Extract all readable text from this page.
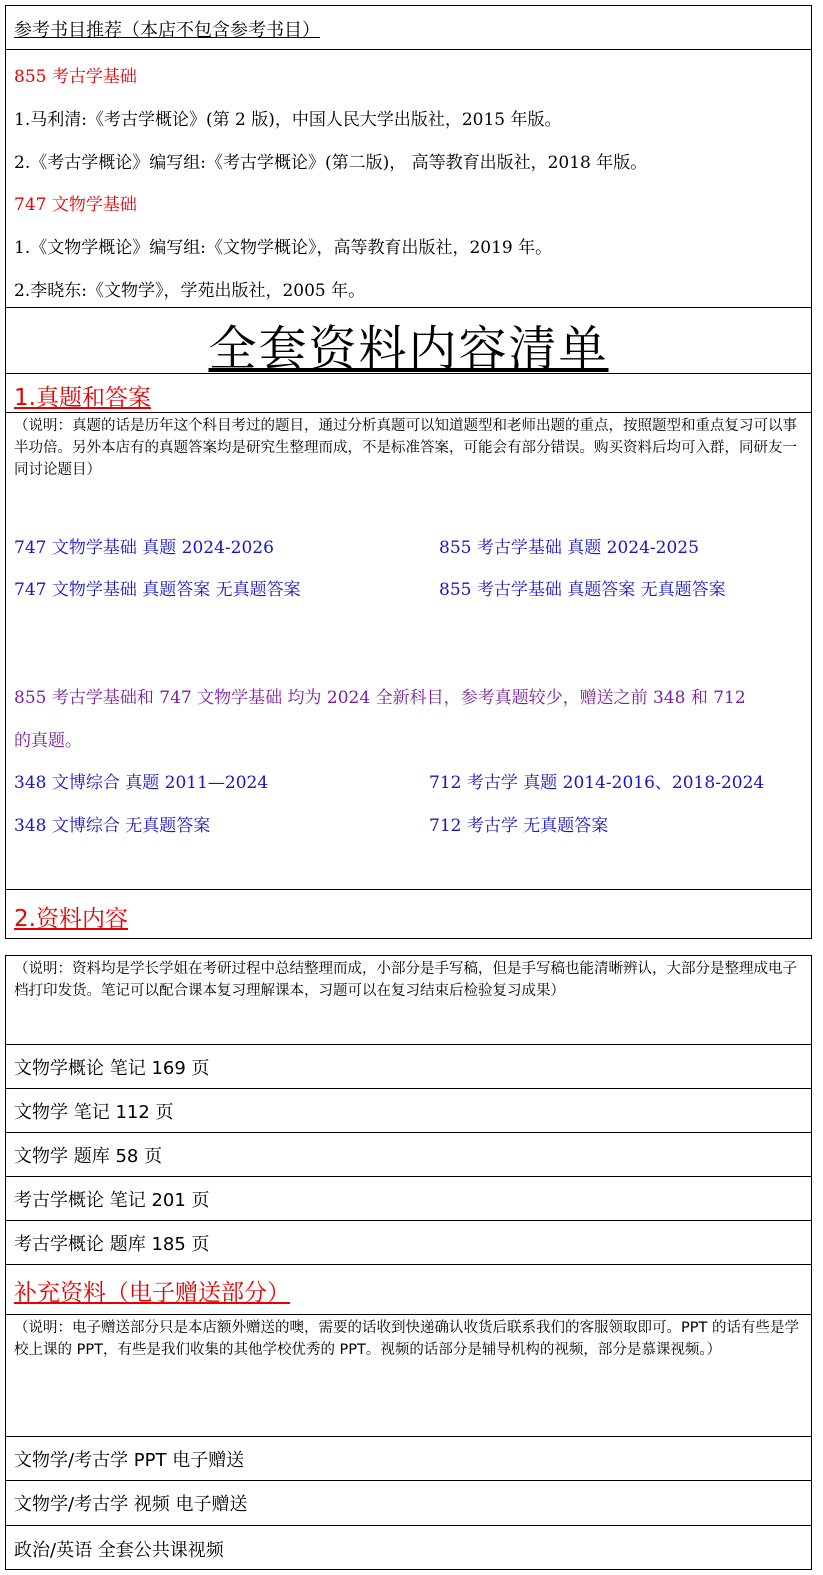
参考书目推荐（本店不包含参考书目）
855 考古学基础
1.马利清:《考古学概论》(第 2 版)，中国人民大学出版社，2015 年版。
2.《考古学概论》编写组:《考古学概论》(第二版)， 高等教育出版社，2018 年版。
747 文物学基础
1.《文物学概论》编写组:《文物学概论》，高等教育出版社，2019 年。
2.李晓东:《文物学》，学苑出版社，2005 年。
全套资料内容清单
1.真题和答案
（说明：真题的话是历年这个科目考过的题目，通过分析真题可以知道题型和老师出题的重点，按照题型和重点复习可以事半功倍。另外本店有的真题答案均是研究生整理而成，不是标准答案，可能会有部分错误。购买资料后均可入群，同研友一同讨论题目）
747 文物学基础 真题 2024-2026	855 考古学基础 真题 2024-2025
747 文物学基础 真题答案 无真题答案	855 考古学基础 真题答案 无真题答案
855 考古学基础和 747 文物学基础 均为 2024 全新科目，参考真题较少，赠送之前 348 和 712
的真题。
348 文博综合 真题 2011—2024	712 考古学 真题 2014-2016、2018-2024
348 文博综合 无真题答案	712 考古学 无真题答案
2.资料内容
（说明：资料均是学长学姐在考研过程中总结整理而成，小部分是手写稿，但是手写稿也能清晰辨认，大部分是整理成电子档打印发货。笔记可以配合课本复习理解课本，习题可以在复习结束后检验复习成果）
文物学概论 笔记 169 页
文物学 笔记 112 页
文物学 题库 58 页
考古学概论 笔记 201 页
考古学概论 题库 185 页
补充资料（电子赠送部分）
（说明：电子赠送部分只是本店额外赠送的噢，需要的话收到快递确认收货后联系我们的客服领取即可。PPT 的话有些是学校上课的 PPT，有些是我们收集的其他学校优秀的 PPT。视频的话部分是辅导机构的视频，部分是慕课视频。）
文物学/考古学 PPT 电子赠送
文物学/考古学 视频 电子赠送
政治/英语 全套公共课视频
